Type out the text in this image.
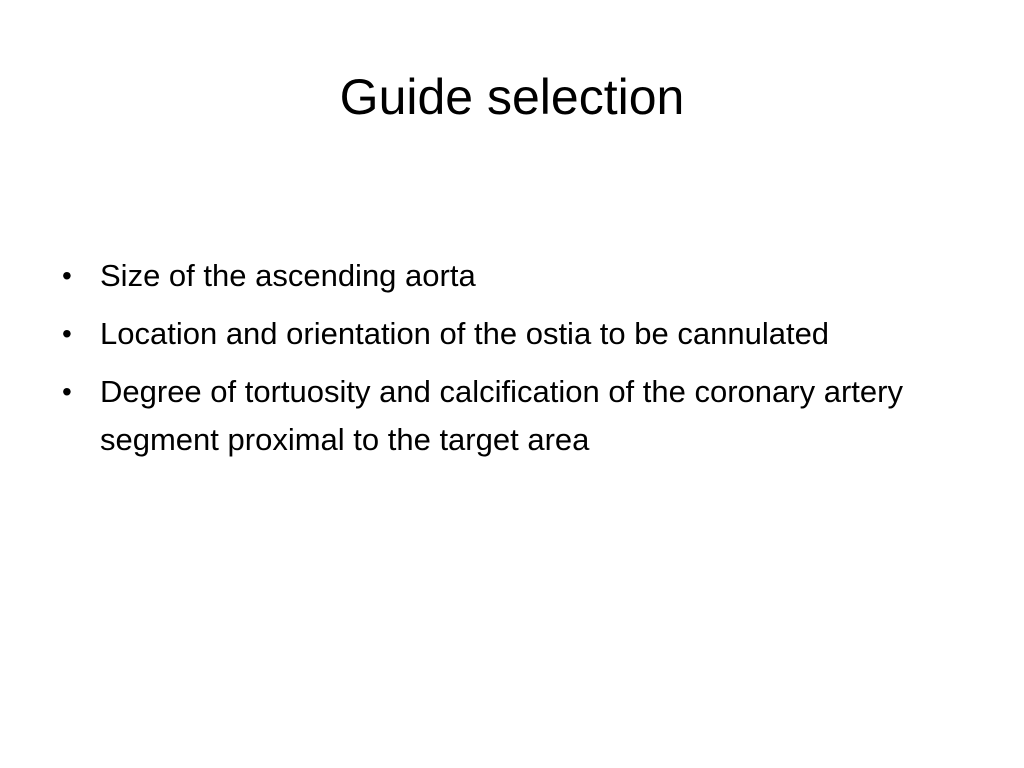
Guide selection
• Size of the ascending aorta
• Location and orientation of the ostia to be cannulated
• Degree of tortuosity and calcification of the coronary artery segment proximal to the target area
